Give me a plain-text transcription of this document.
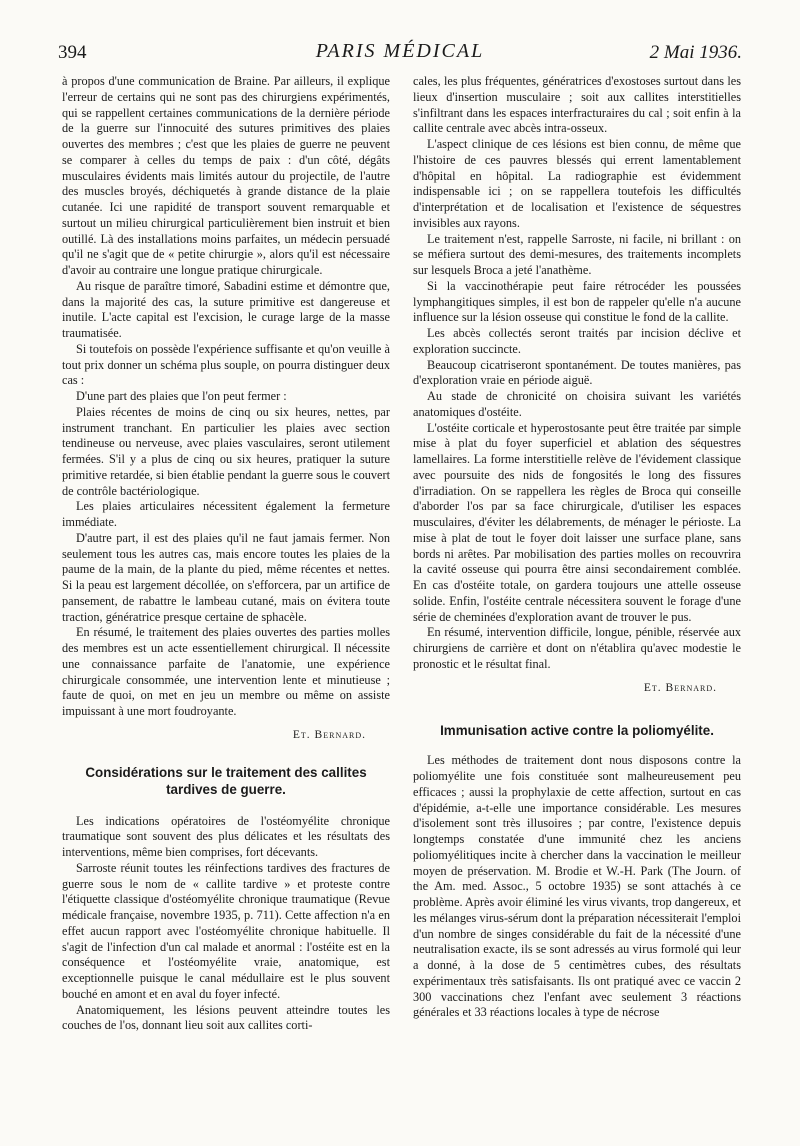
394	PARIS MÉDICAL	2 Mai 1936.

à propos d'une communication de Braine. Par ailleurs, il explique l'erreur de certains qui ne sont pas des chirurgiens expérimentés, qui se rappellent certaines communications de la dernière période de la guerre sur l'innocuité des sutures primitives des plaies ouvertes des membres ; c'est que les plaies de guerre ne peuvent se comparer à celles du temps de paix : d'un côté, dégâts musculaires évidents mais limités autour du projectile, de l'autre des muscles broyés, déchiquetés à grande distance de la plaie cutanée. Ici une rapidité de transport souvent remarquable et surtout un milieu chirurgical particulièrement bien instruit et bien outillé. Là des installations moins parfaites, un médecin persuadé qu'il ne s'agit que de « petite chirurgie », alors qu'il est nécessaire d'avoir au contraire une longue pratique chirurgicale.

Au risque de paraître timoré, Sabadini estime et démontre que, dans la majorité des cas, la suture primitive est dangereuse et inutile. L'acte capital est l'excision, le curage large de la masse traumatisée.

Si toutefois on possède l'expérience suffisante et qu'on veuille à tout prix donner un schéma plus souple, on pourra distinguer deux cas :

D'une part des plaies que l'on peut fermer :

Plaies récentes de moins de cinq ou six heures, nettes, par instrument tranchant. En particulier les plaies avec section tendineuse ou nerveuse, avec plaies vasculaires, seront utilement fermées. S'il y a plus de cinq ou six heures, pratiquer la suture primitive retardée, si bien établie pendant la guerre sous le couvert de contrôle bactériologique.

Les plaies articulaires nécessitent également la fermeture immédiate.

D'autre part, il est des plaies qu'il ne faut jamais fermer. Non seulement tous les autres cas, mais encore toutes les plaies de la paume de la main, de la plante du pied, même récentes et nettes. Si la peau est largement décollée, on s'efforcera, par un artifice de pansement, de rabattre le lambeau cutané, mais on évitera toute traction, génératrice presque certaine de sphacèle.

En résumé, le traitement des plaies ouvertes des parties molles des membres est un acte essentiellement chirurgical. Il nécessite une connaissance parfaite de l'anatomie, une expérience chirurgicale consommée, une intervention lente et minutieuse ; faute de quoi, on met en jeu un membre ou même on assiste impuissant à une mort foudroyante.

Et. Bernard.
Considérations sur le traitement des callites tardives de guerre.

Les indications opératoires de l'ostéomyélite chronique traumatique sont souvent des plus délicates et les résultats des interventions, même bien comprises, fort décevants.

Sarroste réunit toutes les réinfections tardives des fractures de guerre sous le nom de « callite tardive » et proteste contre l'étiquette classique d'ostéomyélite chronique traumatique (Revue médicale française, novembre 1935, p. 711). Cette affection n'a en effet aucun rapport avec l'ostéomyélite chronique habituelle. Il s'agit de l'infection d'un cal malade et anormal : l'ostéite est en la conséquence et l'ostéomyélite vraie, anatomique, est exceptionnelle puisque le canal médullaire est le plus souvent bouché en amont et en aval du foyer infecté.

Anatomiquement, les lésions peuvent atteindre toutes les couches de l'os, donnant lieu soit aux callites corti-

cales, les plus fréquentes, génératrices d'exostoses surtout dans les lieux d'insertion musculaire ; soit aux callites interstitielles s'infiltrant dans les espaces interfracturaires du cal ; soit enfin à la callite centrale avec abcès intra-osseux.

L'aspect clinique de ces lésions est bien connu, de même que l'histoire de ces pauvres blessés qui errent lamentablement d'hôpital en hôpital. La radiographie est évidemment indispensable ici ; on se rappellera toutefois les difficultés d'interprétation et de localisation et l'existence de séquestres invisibles aux rayons.

Le traitement n'est, rappelle Sarroste, ni facile, ni brillant : on se méfiera surtout des demi-mesures, des traitements incomplets sur lesquels Broca a jeté l'anathème.

Si la vaccinothérapie peut faire rétrocéder les poussées lymphangitiques simples, il est bon de rappeler qu'elle n'a aucune influence sur la lésion osseuse qui constitue le fond de la callite.

Les abcès collectés seront traités par incision déclive et exploration succincte.

Beaucoup cicatriseront spontanément. De toutes manières, pas d'exploration vraie en période aiguë.

Au stade de chronicité on choisira suivant les variétés anatomiques d'ostéite.

L'ostéite corticale et hyperostosante peut être traitée par simple mise à plat du foyer superficiel et ablation des séquestres lamellaires. La forme interstitielle relève de l'évidement classique avec poursuite des nids de fongosités le long des fissures d'irradiation. On se rappellera les règles de Broca qui conseille d'aborder l'os par sa face chirurgicale, d'utiliser les espaces musculaires, d'éviter les délabrements, de ménager le périoste. La mise à plat de tout le foyer doit laisser une surface plane, sans bords ni arêtes. Par mobilisation des parties molles on recouvrira la cavité osseuse qui pourra être ainsi secondairement comblée. En cas d'ostéite totale, on gardera toujours une attelle osseuse solide. Enfin, l'ostéite centrale nécessitera souvent le forage d'une série de cheminées d'exploration avant de trouver le pus.

En résumé, intervention difficile, longue, pénible, réservée aux chirurgiens de carrière et dont on n'établira qu'avec modestie le pronostic et le résultat final.

Et. Bernard.
Immunisation active contre la poliomyélite.

Les méthodes de traitement dont nous disposons contre la poliomyélite une fois constituée sont malheureusement peu efficaces ; aussi la prophylaxie de cette affection, surtout en cas d'épidémie, a-t-elle une importance considérable. Les mesures d'isolement sont très illusoires ; par contre, l'existence depuis longtemps constatée d'une immunité chez les anciens poliomyélitiques incite à chercher dans la vaccination le meilleur moyen de préservation. M. Brodie et W.-H. Park (The Journ. of the Am. med. Assoc., 5 octobre 1935) se sont attachés à ce problème. Après avoir éliminé les virus vivants, trop dangereux, et les mélanges virus-sérum dont la préparation nécessiterait l'emploi d'un nombre de singes considérable du fait de la nécessité d'une neutralisation exacte, ils se sont adressés au virus formolé qui leur a donné, à la dose de 5 centimètres cubes, des résultats expérimentaux très satisfaisants. Ils ont pratiqué avec ce vaccin 2 300 vaccinations chez l'enfant avec seulement 3 réactions générales et 33 réactions locales à type de nécrose
